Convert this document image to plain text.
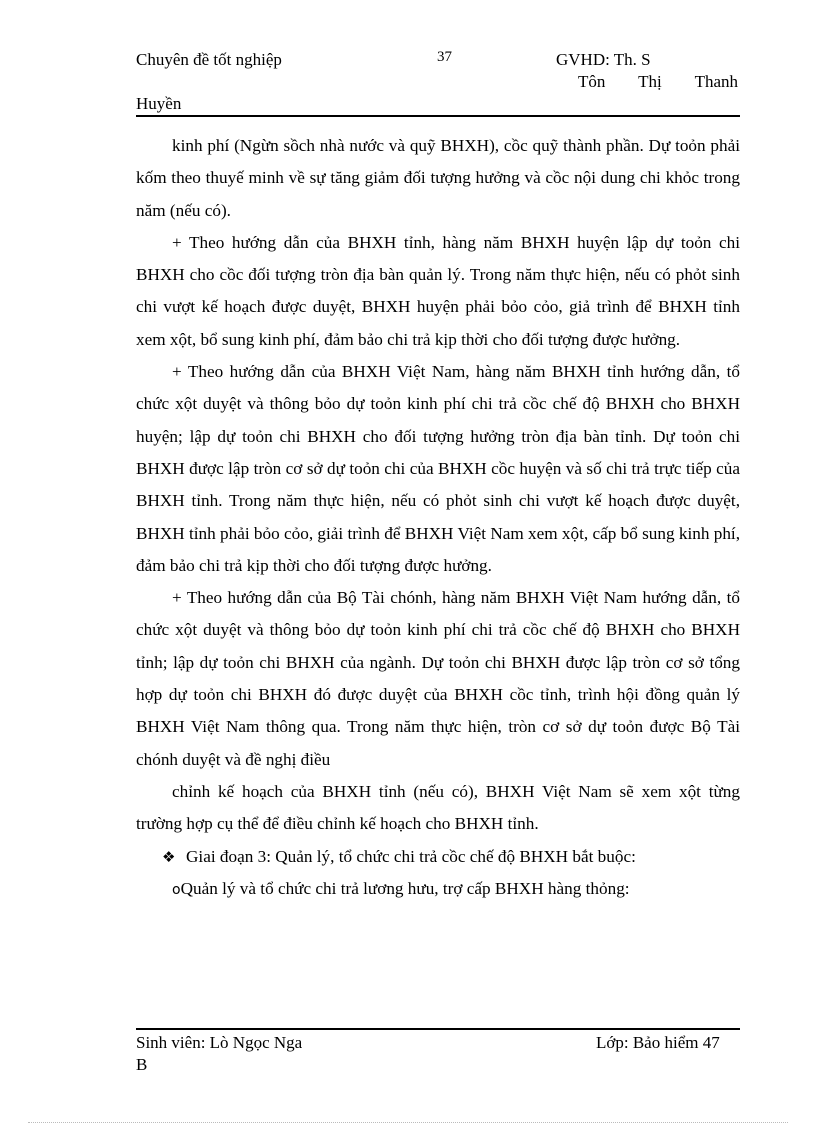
Chuyên đề tốt nghiệp	37	GVHD: Th. S
Tôn Thị Thanh
Huyền

kinh phí (Ngừn sồch nhà nước và quỹ BHXH), cồc quỹ thành phần. Dự toỏn phải kốm theo thuyế minh về sự tăng giảm đối tượng hưởng và cồc nội dung chi khỏc trong năm (nếu có).

+ Theo hướng dẫn của BHXH tỉnh, hàng năm BHXH huyện lập dự toỏn chi BHXH cho cồc đối tượng tròn địa bàn quản lý. Trong năm thực hiện, nếu có phỏt sinh chi vượt kế hoạch được duyệt, BHXH huyện phải bỏo cỏo, giả trình để BHXH tỉnh xem xột, bổ sung kinh phí, đảm bảo chi trả kịp thời cho đối tượng được hưởng.

+ Theo hướng dẫn của BHXH Việt Nam, hàng năm BHXH tỉnh hướng dẫn, tổ chức xột duyệt và thông bỏo dự toỏn kinh phí chi trả cồc chế độ BHXH cho BHXH huyện; lập dự toỏn chi BHXH cho đối tượng hưởng tròn địa bàn tỉnh. Dự toỏn chi BHXH được lập tròn cơ sở dự toỏn chi của BHXH cồc huyện và số chi trả trực tiếp của BHXH tỉnh. Trong năm thực hiện, nếu có phỏt sinh chi vượt kế hoạch được duyệt, BHXH tỉnh phải bỏo cỏo, giải trình để BHXH Việt Nam xem xột, cấp bổ sung kinh phí, đảm bảo chi trả kịp thời cho đối tượng được hưởng.

+ Theo hướng dẫn của Bộ Tài chónh, hàng năm BHXH Việt Nam hướng dẫn, tổ chức xột duyệt và thông bỏo dự toỏn kinh phí chi trả cồc chế độ BHXH cho BHXH tỉnh; lập dự toỏn chi BHXH của ngành. Dự toỏn chi BHXH được lập tròn cơ sở tổng hợp dự toỏn chi BHXH đó được duyệt của BHXH cồc tỉnh, trình hội đồng quản lý BHXH Việt Nam thông qua. Trong năm thực hiện, tròn cơ sở dự toỏn được Bộ Tài chónh duyệt và đề nghị điều

chỉnh kế hoạch của BHXH tỉnh (nếu có), BHXH Việt Nam sẽ xem xột từng trường hợp cụ thể để điều chỉnh kế hoạch cho BHXH tỉnh.

❖ Giai đoạn 3: Quản lý, tổ chức chi trả cồc chế độ BHXH bắt buộc:

oQuản lý và tổ chức chi trả lương hưu, trợ cấp BHXH hàng thỏng:

Sinh viên: Lò Ngọc Nga	Lớp: Bảo hiểm 47
B
